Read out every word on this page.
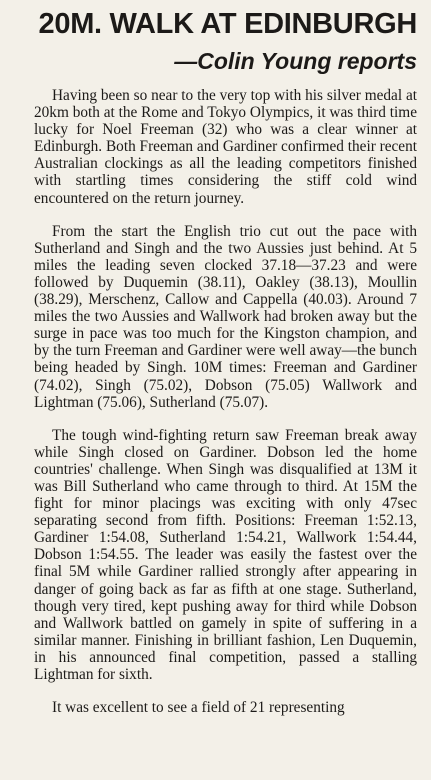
20M. WALK AT EDINBURGH
—Colin Young reports

Having been so near to the very top with his silver medal at 20km both at the Rome and Tokyo Olympics, it was third time lucky for Noel Freeman (32) who was a clear winner at Edinburgh. Both Freeman and Gardiner confirmed their recent Australian clockings as all the leading competitors finished with startling times considering the stiff cold wind encountered on the return journey.

From the start the English trio cut out the pace with Sutherland and Singh and the two Aussies just behind. At 5 miles the leading seven clocked 37.18—37.23 and were followed by Duquemin (38.11), Oakley (38.13), Moullin (38.29), Merschenz, Callow and Cappella (40.03). Around 7 miles the two Aussies and Wallwork had broken away but the surge in pace was too much for the Kingston champion, and by the turn Freeman and Gardiner were well away—the bunch being headed by Singh. 10M times: Freeman and Gardiner (74.02), Singh (75.02), Dobson (75.05) Wallwork and Lightman (75.06), Sutherland (75.07).

The tough wind-fighting return saw Freeman break away while Singh closed on Gardiner. Dobson led the home countries' challenge. When Singh was disqualified at 13M it was Bill Sutherland who came through to third. At 15M the fight for minor placings was exciting with only 47sec separating second from fifth. Positions: Freeman 1:52.13, Gardiner 1:54.08, Sutherland 1:54.21, Wallwork 1:54.44, Dobson 1:54.55. The leader was easily the fastest over the final 5M while Gardiner rallied strongly after appearing in danger of going back as far as fifth at one stage. Sutherland, though very tired, kept pushing away for third while Dobson and Wallwork battled on gamely in spite of suffering in a similar manner. Finishing in brilliant fashion, Len Duquemin, in his announced final competition, passed a stalling Lightman for sixth.

It was excellent to see a field of 21 representing
